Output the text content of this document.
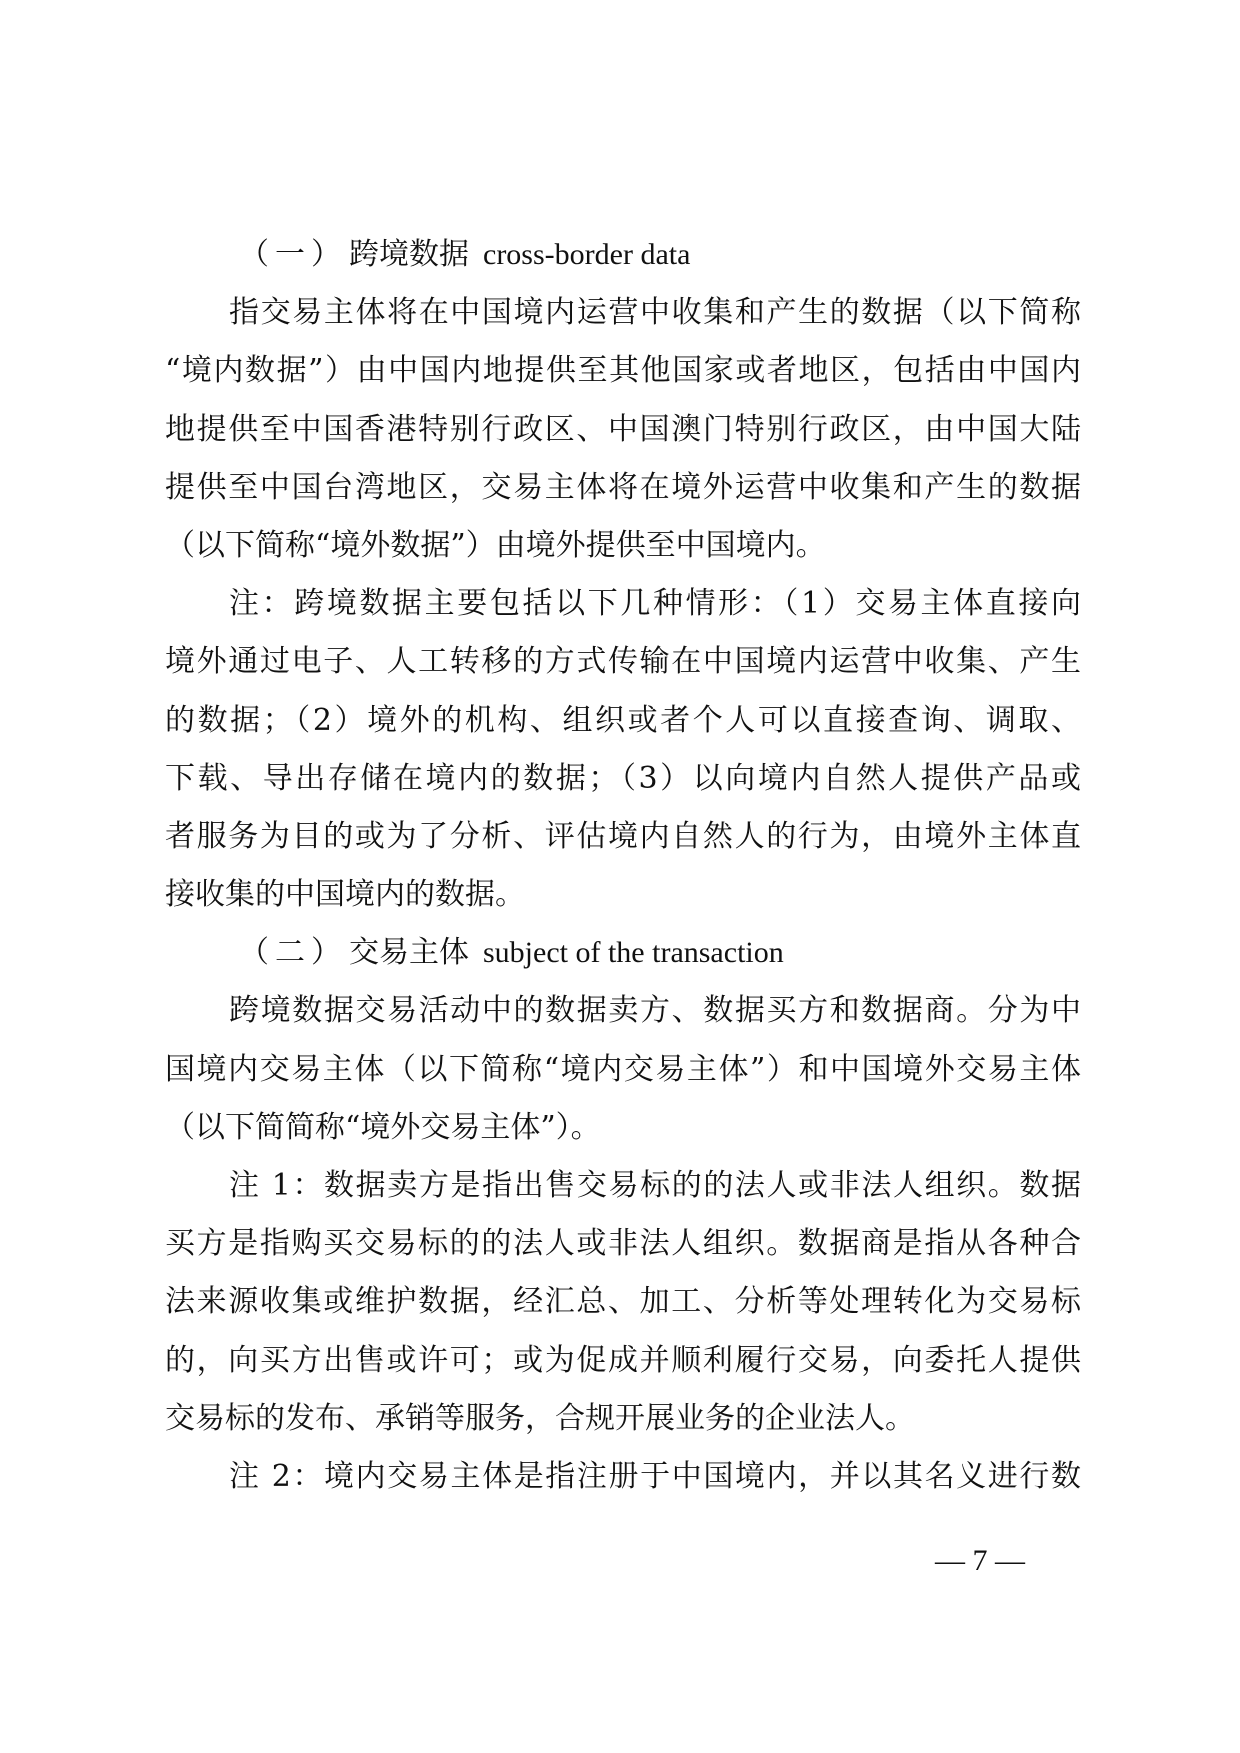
（一）跨境数据 cross-border data
指交易主体将在中国境内运营中收集和产生的数据（以下简称
“境内数据”）由中国内地提供至其他国家或者地区，包括由中国内
地提供至中国香港特别行政区、中国澳门特别行政区，由中国大陆
提供至中国台湾地区，交易主体将在境外运营中收集和产生的数据
（以下简称“境外数据”）由境外提供至中国境内。
注：跨境数据主要包括以下几种情形：（1）交易主体直接向
境外通过电子、人工转移的方式传输在中国境内运营中收集、产生
的数据；（2）境外的机构、组织或者个人可以直接查询、调取、
下载、导出存储在境内的数据；（3）以向境内自然人提供产品或
者服务为目的或为了分析、评估境内自然人的行为，由境外主体直
接收集的中国境内的数据。
（二）交易主体 subject of the transaction
跨境数据交易活动中的数据卖方、数据买方和数据商。分为中
国境内交易主体（以下简称“境内交易主体”）和中国境外交易主体
（以下简简称“境外交易主体”）。
注 1：数据卖方是指出售交易标的的法人或非法人组织。数据
买方是指购买交易标的的法人或非法人组织。数据商是指从各种合
法来源收集或维护数据，经汇总、加工、分析等处理转化为交易标
的，向买方出售或许可；或为促成并顺利履行交易，向委托人提供
交易标的发布、承销等服务，合规开展业务的企业法人。
注 2：境内交易主体是指注册于中国境内，并以其名义进行数
— 7 —
